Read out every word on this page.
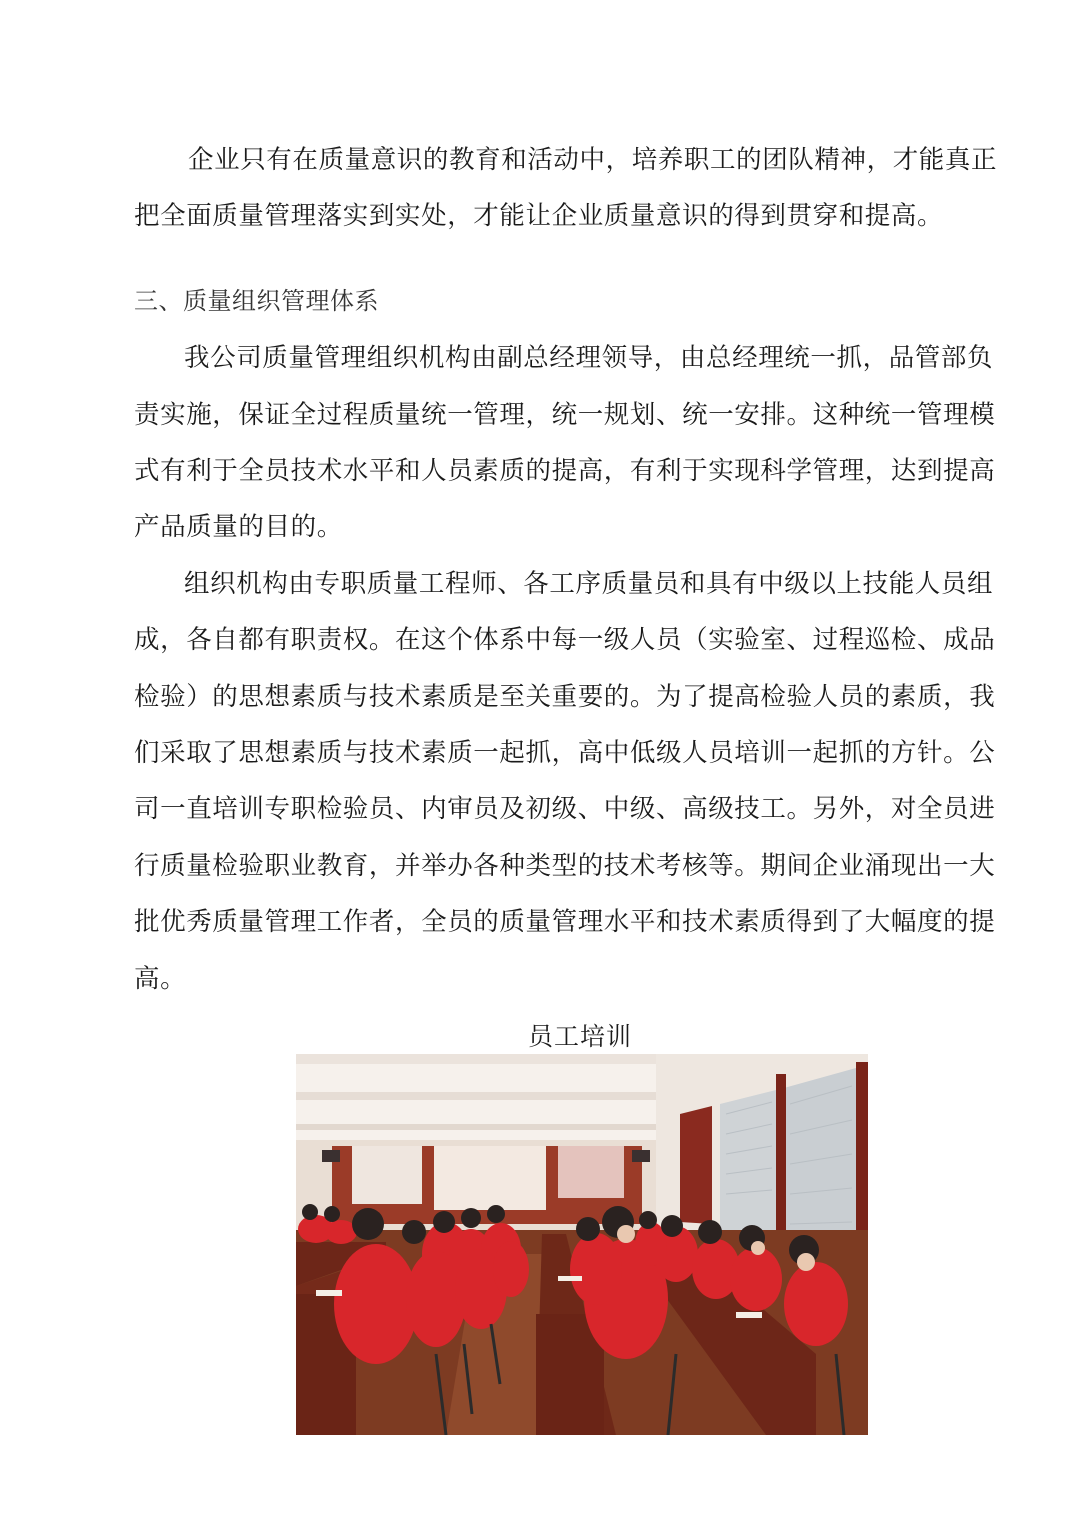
企业只有在质量意识的教育和活动中，培养职工的团队精神，才能真正
把全面质量管理落实到实处，才能让企业质量意识的得到贯穿和提高。
三、质量组织管理体系
我公司质量管理组织机构由副总经理领导，由总经理统一抓，品管部负
责实施，保证全过程质量统一管理，统一规划、统一安排。这种统一管理模
式有利于全员技术水平和人员素质的提高，有利于实现科学管理，达到提高
产品质量的目的。
组织机构由专职质量工程师、各工序质量员和具有中级以上技能人员组
成，各自都有职责权。在这个体系中每一级人员（实验室、过程巡检、成品
检验）的思想素质与技术素质是至关重要的。为了提高检验人员的素质，我
们采取了思想素质与技术素质一起抓，高中低级人员培训一起抓的方针。公
司一直培训专职检验员、内审员及初级、中级、高级技工。另外，对全员进
行质量检验职业教育，并举办各种类型的技术考核等。期间企业涌现出一大
批优秀质量管理工作者，全员的质量管理水平和技术素质得到了大幅度的提
高。
员工培训
